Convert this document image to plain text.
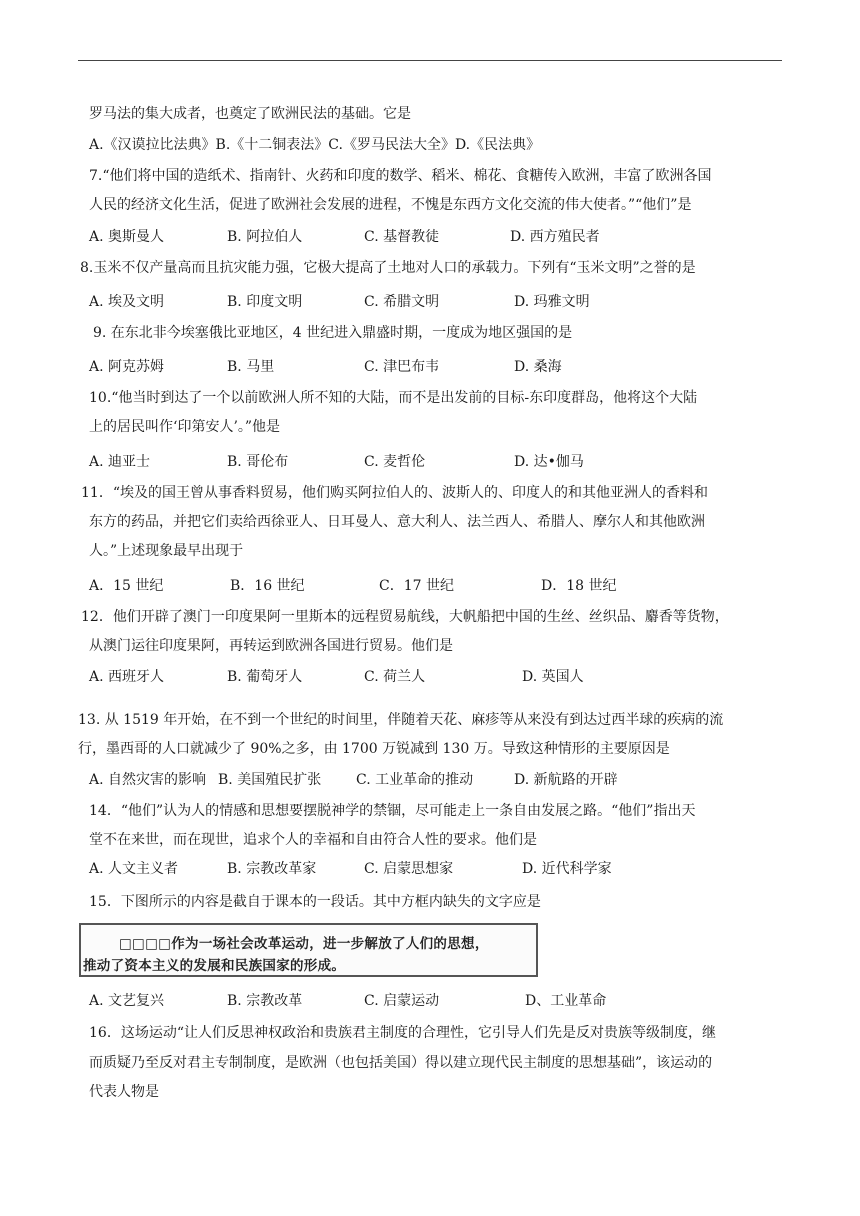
罗马法的集大成者，也奠定了欧洲民法的基础。它是
A.《汉谟拉比法典》B.《十二铜表法》C.《罗马民法大全》D.《民法典》
7.“他们将中国的造纸术、指南针、火药和印度的数学、稻米、棉花、食糖传入欧洲，丰富了欧洲各国
人民的经济文化生活，促进了欧洲社会发展的进程，不愧是东西方文化交流的伟大使者。”“他们”是
A. 奥斯曼人	B. 阿拉伯人	C. 基督教徒	D. 西方殖民者
8.玉米不仅产量高而且抗灾能力强，它极大提高了土地对人口的承载力。下列有“玉米文明”之誉的是
A. 埃及文明	B. 印度文明	C. 希腊文明	D. 玛雅文明
9. 在东北非今埃塞俄比亚地区，4 世纪进入鼎盛时期，一度成为地区强国的是
A. 阿克苏姆	B. 马里	C. 津巴布韦	D. 桑海
10.“他当时到达了一个以前欧洲人所不知的大陆，而不是出发前的目标-东印度群岛，他将这个大陆
上的居民叫作‘印第安人’。”他是
A. 迪亚士	B. 哥伦布	C. 麦哲伦	D. 达•伽马
11．“埃及的国王曾从事香料贸易，他们购买阿拉伯人的、波斯人的、印度人的和其他亚洲人的香料和
东方的药品，并把它们卖给西徐亚人、日耳曼人、意大利人、法兰西人、希腊人、摩尔人和其他欧洲
人。”上述现象最早出现于
A．15 世纪	B．16 世纪	C．17 世纪	D．18 世纪
12．他们开辟了澳门一印度果阿一里斯本的远程贸易航线，大帆船把中国的生丝、丝织品、麝香等货物，
从澳门运往印度果阿，再转运到欧洲各国进行贸易。他们是
A. 西班牙人	B. 葡萄牙人	C. 荷兰人	D. 英国人
13. 从 1519 年开始，在不到一个世纪的时间里，伴随着天花、麻疹等从来没有到达过西半球的疾病的流
行，墨西哥的人口就减少了 90%之多，由 1700 万锐减到 130 万。导致这种情形的主要原因是
A. 自然灾害的影响 B. 美国殖民扩张 C. 工业革命的推动	D. 新航路的开辟
14．“他们”认为人的情感和思想要摆脱神学的禁锢，尽可能走上一条自由发展之路。“他们”指出天
堂不在来世，而在现世，追求个人的幸福和自由符合人性的要求。他们是
A. 人文主义者	B. 宗教改革家	C. 启蒙思想家	D. 近代科学家
15．下图所示的内容是截自于课本的一段话。其中方框内缺失的文字应是
□□□□作为一场社会改革运动，进一步解放了人们的思想，
推动了资本主义的发展和民族国家的形成。
A. 文艺复兴	B. 宗教改革	C. 启蒙运动	D、工业革命
16．这场运动“让人们反思神权政治和贵族君主制度的合理性，它引导人们先是反对贵族等级制度，继
而质疑乃至反对君主专制制度，是欧洲（也包括美国）得以建立现代民主制度的思想基础”，该运动的
代表人物是
